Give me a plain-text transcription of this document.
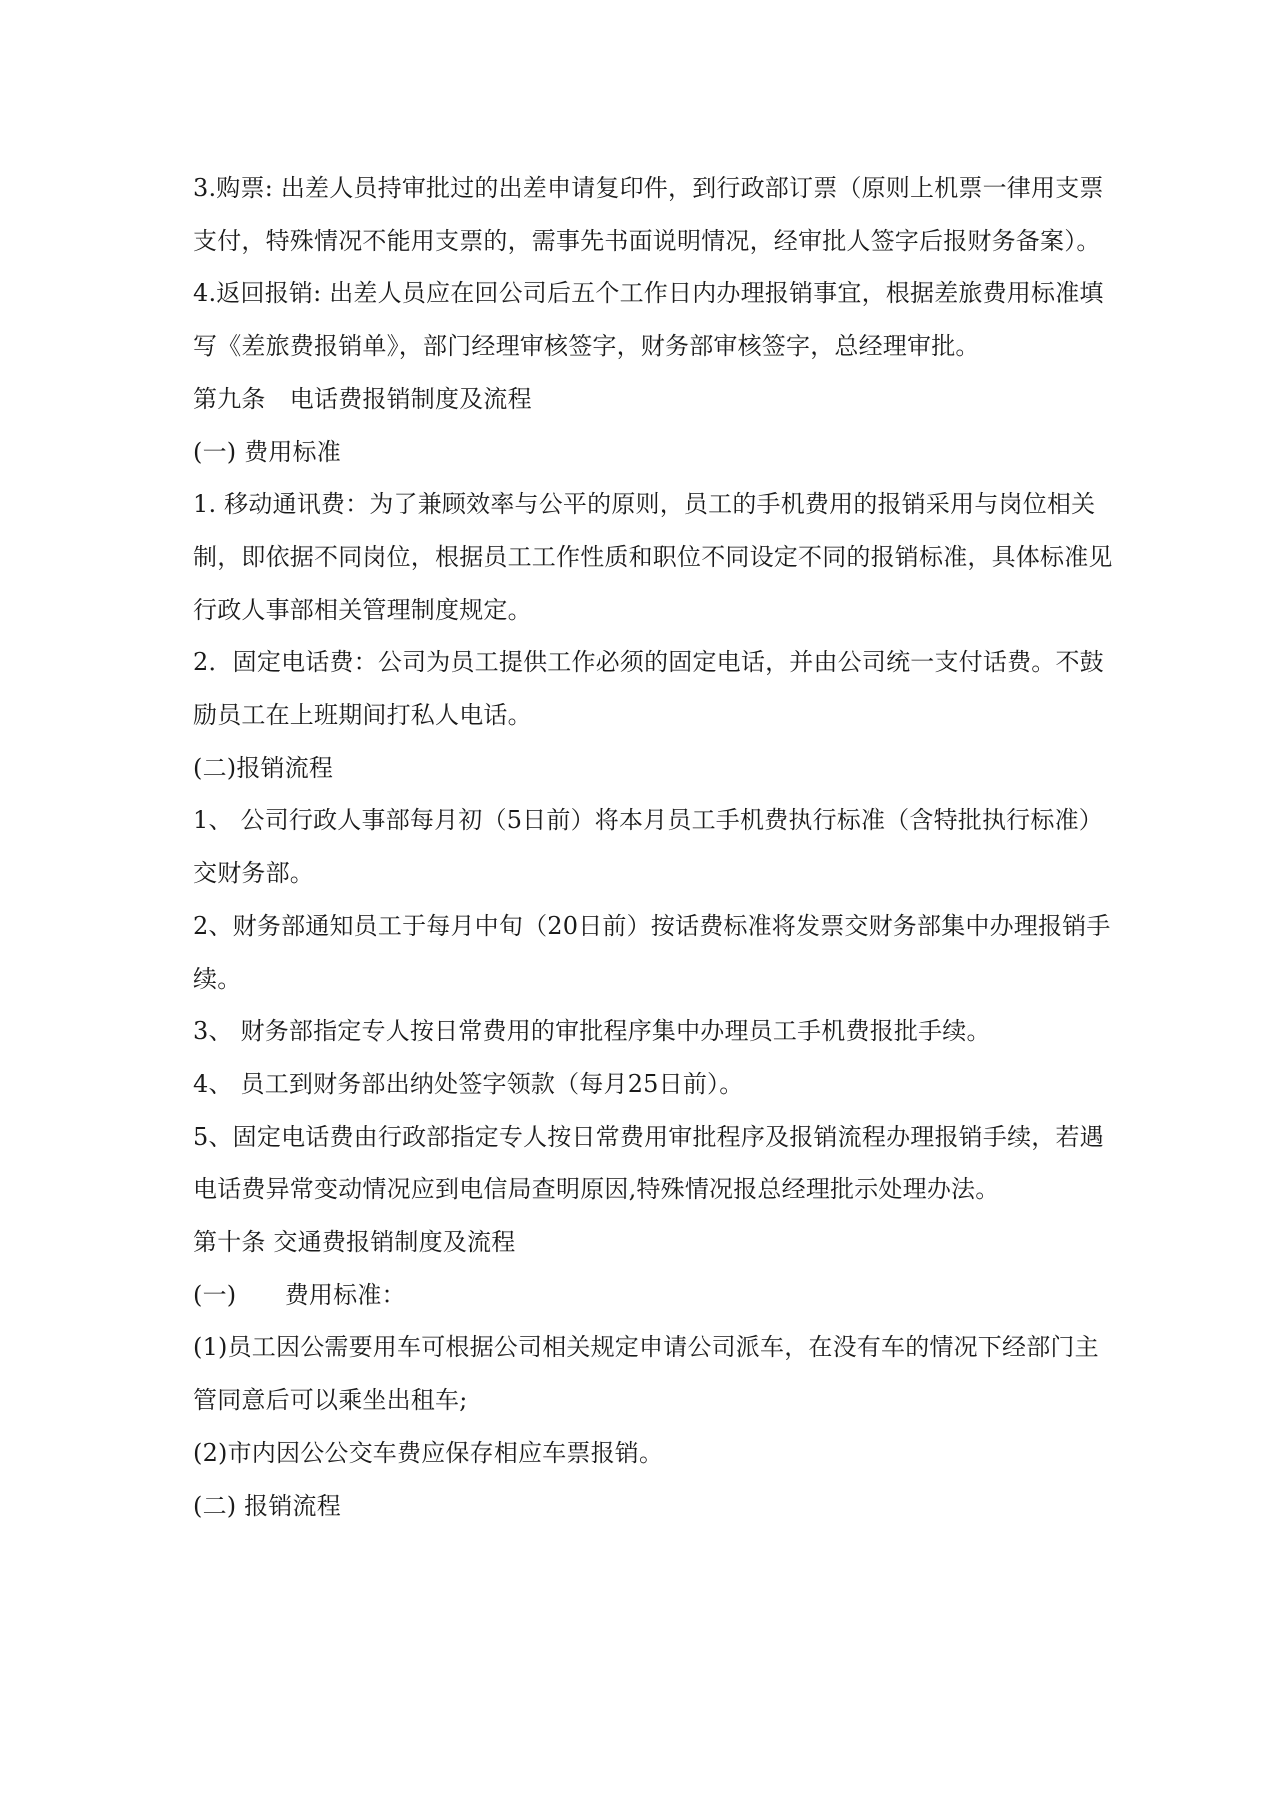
3.购票: 出差人员持审批过的出差申请复印件，到行政部订票（原则上机票一律用支票支付，特殊情况不能用支票的，需事先书面说明情况，经审批人签字后报财务备案）。

4.返回报销: 出差人员应在回公司后五个工作日内办理报销事宜，根据差旅费用标准填写《差旅费报销单》，部门经理审核签字，财务部审核签字，总经理审批。

第九条　电话费报销制度及流程

(一) 费用标准

1. 移动通讯费：为了兼顾效率与公平的原则，员工的手机费用的报销采用与岗位相关制，即依据不同岗位，根据员工工作性质和职位不同设定不同的报销标准，具体标准见行政人事部相关管理制度规定。

2．固定电话费：公司为员工提供工作必须的固定电话，并由公司统一支付话费。不鼓励员工在上班期间打私人电话。

(二)报销流程

1、 公司行政人事部每月初（5日前）将本月员工手机费执行标准（含特批执行标准）交财务部。

2、财务部通知员工于每月中旬（20日前）按话费标准将发票交财务部集中办理报销手续。

3、 财务部指定专人按日常费用的审批程序集中办理员工手机费报批手续。

4、 员工到财务部出纳处签字领款（每月25日前）。

5、固定电话费由行政部指定专人按日常费用审批程序及报销流程办理报销手续，若遇电话费异常变动情况应到电信局查明原因,特殊情况报总经理批示处理办法。

第十条 交通费报销制度及流程

(一)　　费用标准：

(1)员工因公需要用车可根据公司相关规定申请公司派车，在没有车的情况下经部门主管同意后可以乘坐出租车;

(2)市内因公公交车费应保存相应车票报销。

(二) 报销流程
